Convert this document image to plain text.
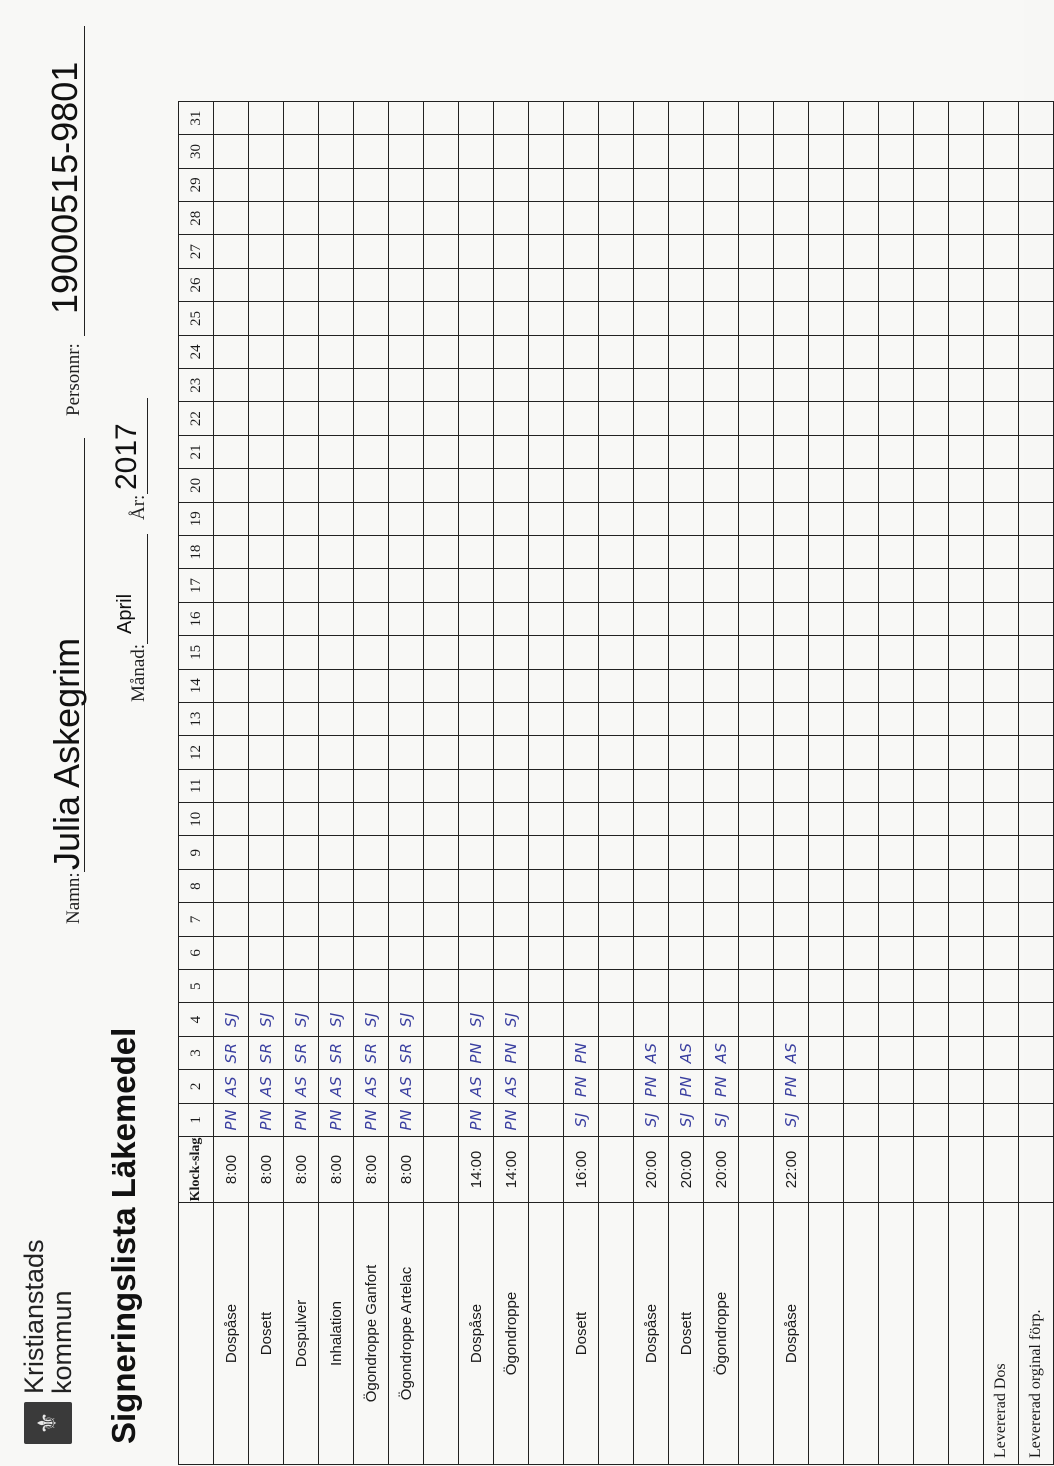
⚜
Kristianstads
kommun Signeringslista Läkemedel
Namn:
Julia Askegrim
Personnr:
19000515-9801
Månad:
April
År:
2017
	Klock-slag	1	2	3	4	5	6	7	8	9	10	11	12	13	14	15	16	17	18	19	20	21	22	23	24	25	26	27	28	29	30	31
Dospåse	8:00	PN	AS	SR	SJ																											
Dosett	8:00	PN	AS	SR	SJ																											
Dospulver	8:00	PN	AS	SR	SJ																											
Inhalation	8:00	PN	AS	SR	SJ																											
Ögondroppe Ganfort	8:00	PN	AS	SR	SJ																											
Ögondroppe Artelac	8:00	PN	AS	SR	SJ																											

Dospåse	14:00	PN	AS	PN	SJ																											
Ögondroppe	14:00	PN	AS	PN	SJ																											

Dosett	16:00	SJ	PN	PN																												

Dospåse	20:00	SJ	PN	AS																												
Dosett	20:00	SJ	PN	AS																												
Ögondroppe	20:00	SJ	PN	AS																												

Dospåse	22:00	SJ	PN	AS																												

Levererad Dos																																
Levererad orginal förp.																																
